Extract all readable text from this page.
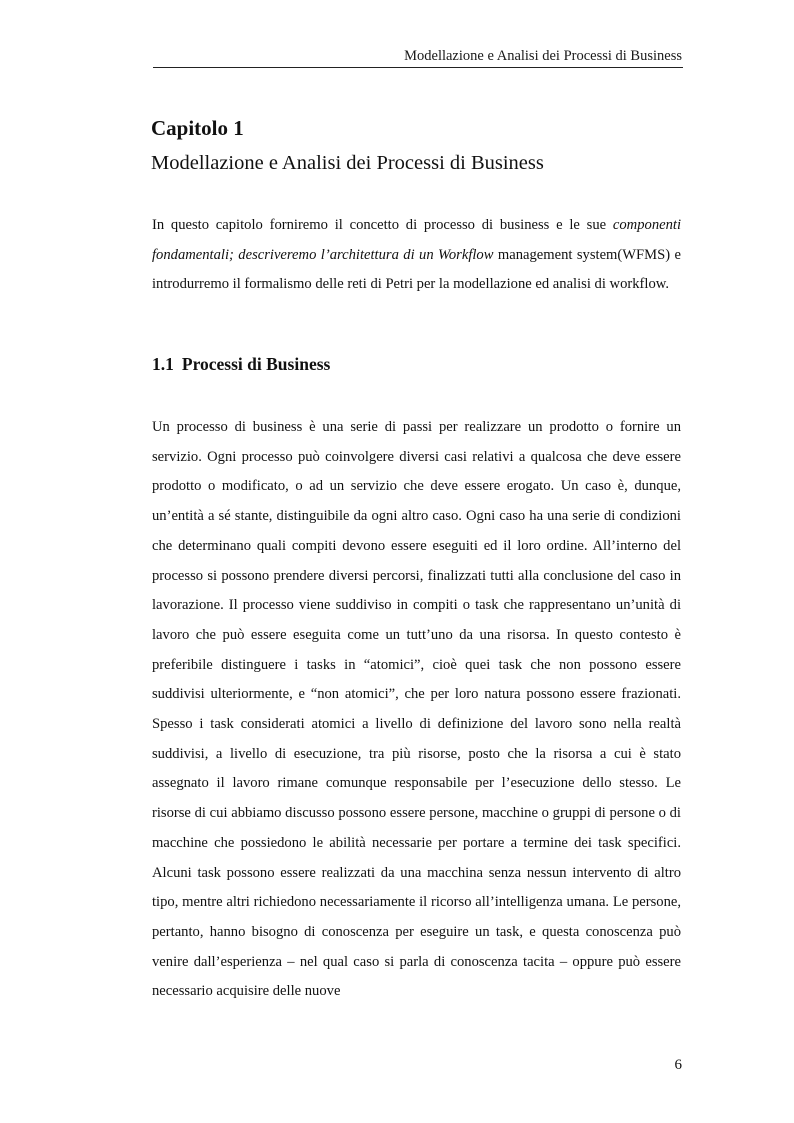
Modellazione e Analisi dei Processi di Business
Capitolo 1
Modellazione e Analisi dei Processi di Business

In questo capitolo forniremo il concetto di processo di business e le sue componenti fondamentali; descriveremo l’architettura di un Workflow management system(WFMS) e introdurremo il formalismo delle reti di Petri per la modellazione ed analisi di workflow.

1.1 Processi di Business

Un processo di business è una serie di passi per realizzare un prodotto o fornire un servizio. Ogni processo può coinvolgere diversi casi relativi a qualcosa che deve essere prodotto o modificato, o ad un servizio che deve essere erogato. Un caso è, dunque, un’entità a sé stante, distinguibile da ogni altro caso. Ogni caso ha una serie di condizioni che determinano quali compiti devono essere eseguiti ed il loro ordine. All’interno del processo si possono prendere diversi percorsi, finalizzati tutti alla conclusione del caso in lavorazione. Il processo viene suddiviso in compiti o task che rappresentano un’unità di lavoro che può essere eseguita come un tutt’uno da una risorsa. In questo contesto è preferibile distinguere i tasks in “atomici”, cioè quei task che non possono essere suddivisi ulteriormente, e “non atomici”, che per loro natura possono essere frazionati. Spesso i task considerati atomici a livello di definizione del lavoro sono nella realtà suddivisi, a livello di esecuzione, tra più risorse, posto che la risorsa a cui è stato assegnato il lavoro rimane comunque responsabile per l’esecuzione dello stesso. Le risorse di cui abbiamo discusso possono essere persone, macchine o gruppi di persone o di macchine che possiedono le abilità necessarie per portare a termine dei task specifici. Alcuni task possono essere realizzati da una macchina senza nessun intervento di altro tipo, mentre altri richiedono necessariamente il ricorso all’intelligenza umana. Le persone, pertanto, hanno bisogno di conoscenza per eseguire un task, e questa conoscenza può venire dall’esperienza – nel qual caso si parla di conoscenza tacita – oppure può essere necessario acquisire delle nuove

6
